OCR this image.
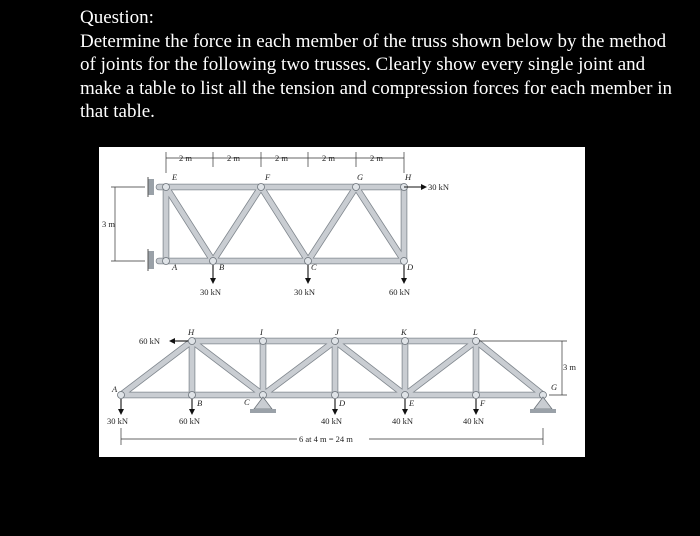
Question:

Determine the force in each member of the truss shown below by the method of joints for the following two trusses. Clearly show every single joint and make a table to list all the tension and compression forces for each member in that table.

2 m	2 m	2 m	2 m	2 m
3 m
E	F	G	H
A	B	C	D
30 kN
30 kN	30 kN	60 kN
H	I	J	K	L
A
B	C	D	E	F
G
60 kN
30 kN	60 kN	40 kN	40 kN	40 kN
6 at 4 m = 24 m
3 m
